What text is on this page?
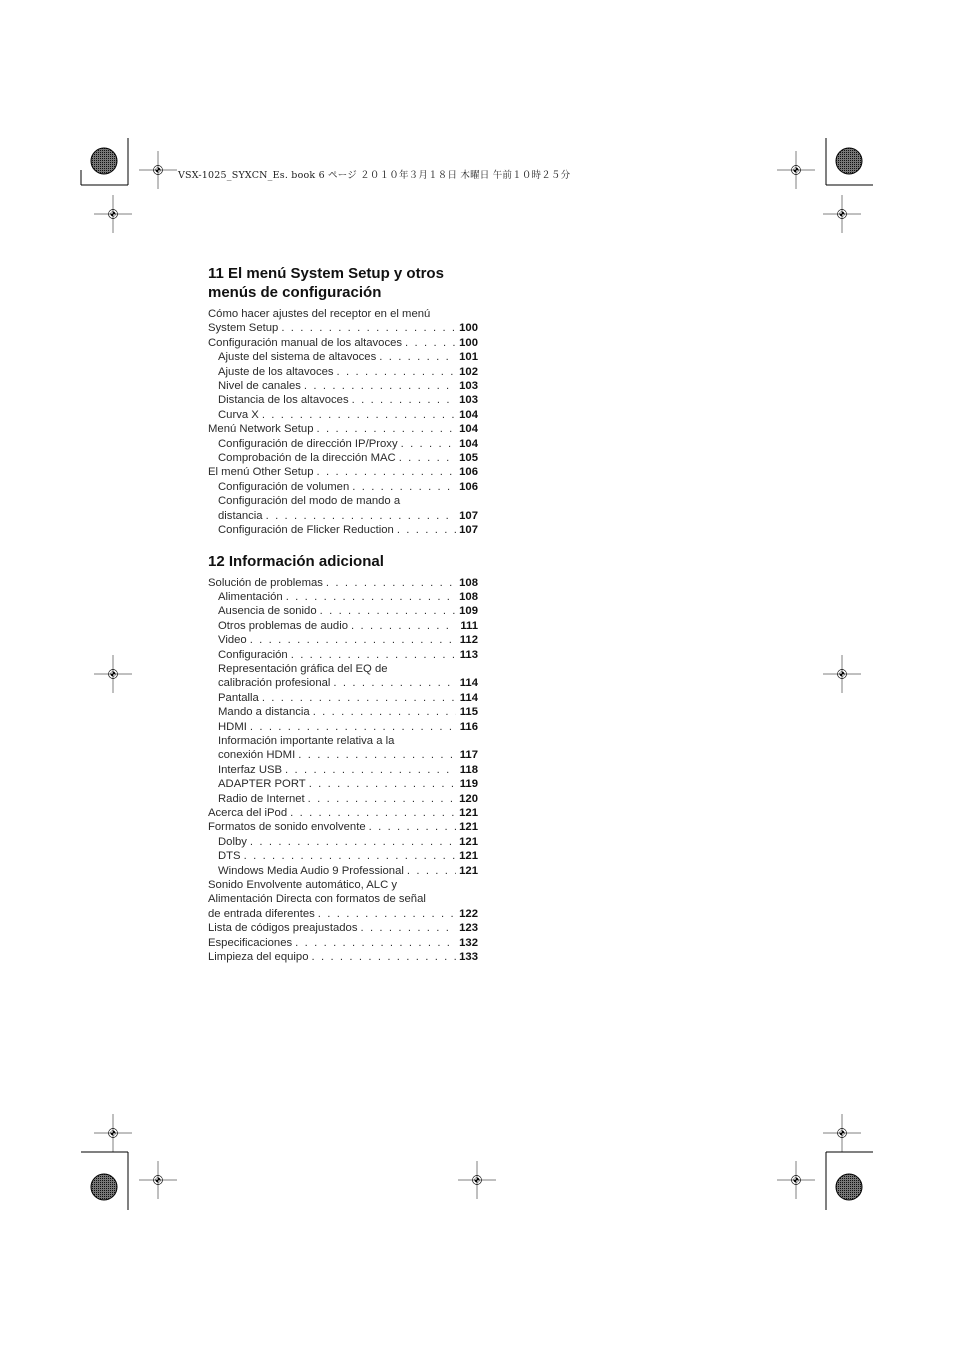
VSX-1025_SYXCN_Es. book 6 ページ ２０１０年３月１８日 木曜日 午前１０時２５分
11 El menú System Setup y otros menús de configuración
Cómo hacer ajustes del receptor en el menú
System Setup . . .	100
Configuración manual de los altavoces . . .	100
Ajuste del sistema de altavoces . . .	101
Ajuste de los altavoces . . .	102
Nivel de canales . . .	103
Distancia de los altavoces . . .	103
Curva X . . .	104
Menú Network Setup . . .	104
Configuración de dirección IP/Proxy . . .	104
Comprobación de la dirección MAC . . .	105
El menú Other Setup . . .	106
Configuración de volumen . . .	106
Configuración del modo de mando a
distancia . . .	107
Configuración de Flicker Reduction . . .	107
12 Información adicional
Solución de problemas . . .	108
Alimentación . . .	108
Ausencia de sonido . . .	109
Otros problemas de audio . . .	111
Video . . .	112
Configuración . . .	113
Representación gráfica del EQ de
calibración profesional . . .	114
Pantalla . . .	114
Mando a distancia . . .	115
HDMI . . .	116
Información importante relativa a la
conexión HDMI . . .	117
Interfaz USB . . .	118
ADAPTER PORT . . .	119
Radio de Internet . . .	120
Acerca del iPod . . .	121
Formatos de sonido envolvente . . .	121
Dolby . . .	121
DTS . . .	121
Windows Media Audio 9 Professional . . .	121
Sonido Envolvente automático, ALC y
Alimentación Directa con formatos de señal
de entrada diferentes . . .	122
Lista de códigos preajustados . . .	123
Especificaciones . . .	132
Limpieza del equipo . . .	133
